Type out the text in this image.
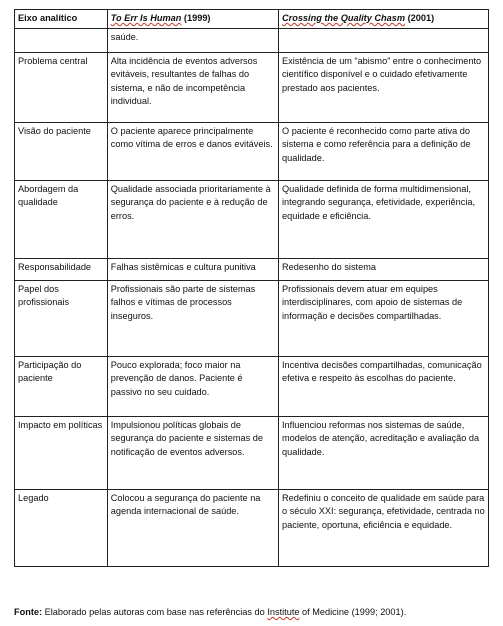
Eixo analítico	To Err Is Human (1999)	Crossing the Quality Chasm (2001)
	saúde.	
Problema central	Alta incidência de eventos adversos evitáveis, resultantes de falhas do sistema, e não de incompetência individual.	Existência de um “abismo” entre o conhecimento científico disponível e o cuidado efetivamente prestado aos pacientes.
Visão do paciente	O paciente aparece principalmente como vítima de erros e danos evitáveis.	O paciente é reconhecido como parte ativa do sistema e como referência para a definição de qualidade.
Abordagem da qualidade	Qualidade associada prioritariamente à segurança do paciente e à redução de erros.	Qualidade definida de forma multidimensional, integrando segurança, efetividade, experiência, equidade e eficiência.
Responsabilidade	Falhas sistêmicas e cultura punitiva	Redesenho do sistema
Papel dos profissionais	Profissionais são parte de sistemas falhos e vítimas de processos inseguros.	Profissionais devem atuar em equipes interdisciplinares, com apoio de sistemas de informação e decisões compartilhadas.
Participação do paciente	Pouco explorada; foco maior na prevenção de danos. Paciente é passivo no seu cuidado.	Incentiva decisões compartilhadas, comunicação efetiva e respeito às escolhas do paciente.
Impacto em políticas	Impulsionou políticas globais de segurança do paciente e sistemas de notificação de eventos adversos.	Influenciou reformas nos sistemas de saúde, modelos de atenção, acreditação e avaliação da qualidade.
Legado	Colocou a segurança do paciente na agenda internacional de saúde.	Redefiniu o conceito de qualidade em saúde para o século XXI: segurança, efetividade, centrada no paciente, oportuna, eficiência e equidade.
Fonte: Elaborado pelas autoras com base nas referências do Institute of Medicine (1999; 2001).
